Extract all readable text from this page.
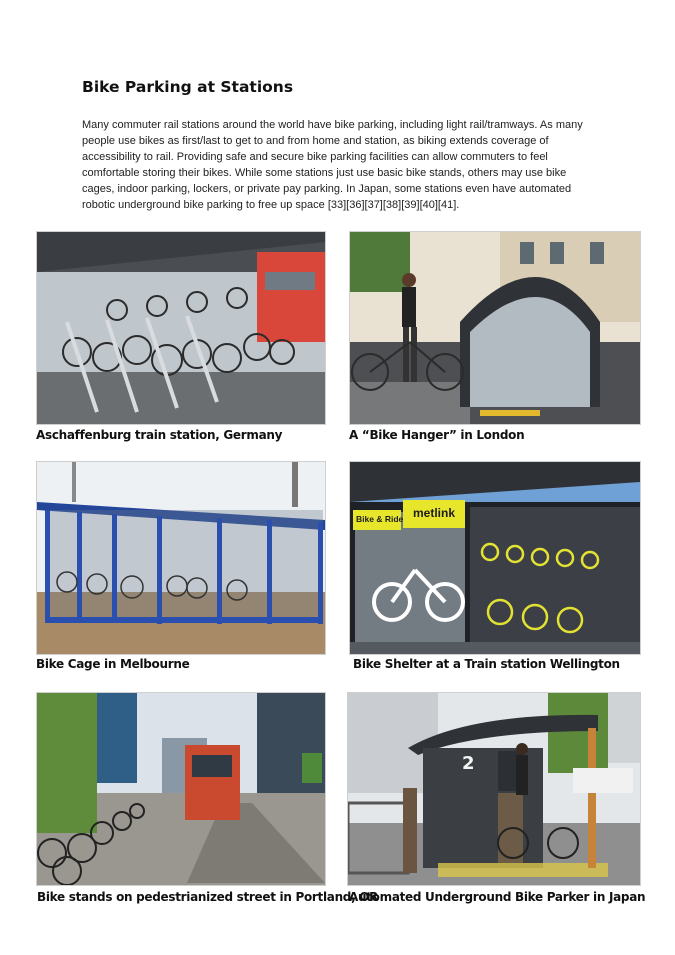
Bike Parking at Stations
Many commuter rail stations around the world have bike parking, including light rail/tramways. As many people use bikes as first/last to get to and from home and station, as biking extends coverage of accessibility to rail. Providing safe and secure bike parking facilities can allow commuters to feel comfortable storing their bikes. While some stations just use basic bike stands, others may use bike cages, indoor parking, lockers, or private pay parking. In Japan, some stations even have automated robotic underground bike parking to free up space [33][36][37][38][39][40][41].
Aschaffenburg train station, Germany	A “Bike Hanger” in London
Bike Cage in Melbourne
Bike & Ride metlink
Bike Shelter at a Train station Wellington
Bike stands on pedestrianized street in Portland, OR
2
Automated Underground Bike Parker in Japan
